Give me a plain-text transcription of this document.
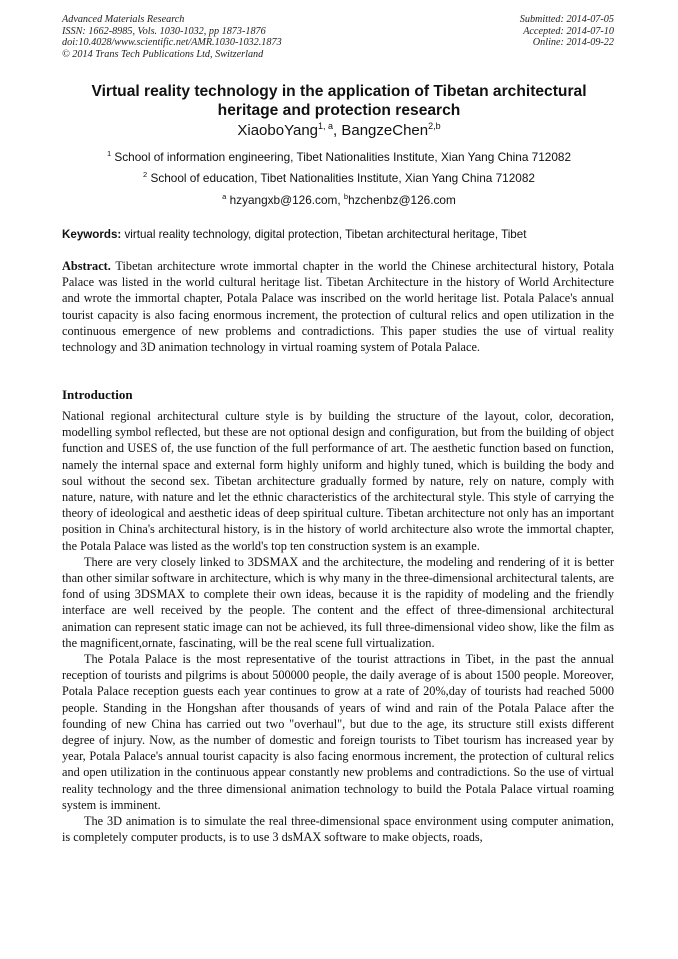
Advanced Materials Research
ISSN: 1662-8985, Vols. 1030-1032, pp 1873-1876
doi:10.4028/www.scientific.net/AMR.1030-1032.1873
© 2014 Trans Tech Publications Ltd, Switzerland
Submitted: 2014-07-05
Accepted: 2014-07-10
Online: 2014-09-22
Virtual reality technology in the application of Tibetan architectural heritage and protection research
XiaoboYang$^{1, a}$, BangzeChen$^{2,b}$
$^1$ School of information engineering, Tibet Nationalities Institute, Xian Yang China 712082
$^2$ School of education, Tibet Nationalities Institute, Xian Yang China 712082
$^a$ hzyangxb@126.com, $^b$hzchenbz@126.com
Keywords: virtual reality technology, digital protection, Tibetan architectural heritage, Tibet

Abstract. Tibetan architecture wrote immortal chapter in the world the Chinese architectural history, Potala Palace was listed in the world cultural heritage list. Tibetan Architecture in the history of World Architecture and wrote the immortal chapter, Potala Palace was inscribed on the world heritage list. Potala Palace's annual tourist capacity is also facing enormous increment, the protection of cultural relics and open utilization in the continuous emergence of new problems and contradictions. This paper studies the use of virtual reality technology and 3D animation technology in virtual roaming system of Potala Palace.

Introduction

National regional architectural culture style is by building the structure of the layout, color, decoration, modelling symbol reflected, but these are not optional design and configuration, but from the building of object function and USES of, the use function of the full performance of art. The aesthetic function based on function, namely the internal space and external form highly uniform and highly tuned, which is building the body and soul without the second sex. Tibetan architecture gradually formed by nature, rely on nature, comply with nature, nature, with nature and let the ethnic characteristics of the architectural style. This style of carrying the theory of ideological and aesthetic ideas of deep spiritual culture. Tibetan architecture not only has an important position in China's architectural history, is in the history of world architecture also wrote the immortal chapter, the Potala Palace was listed as the world's top ten construction system is an example.

There are very closely linked to 3DSMAX and the architecture, the modeling and rendering of it is better than other similar software in architecture, which is why many in the three-dimensional architectural talents, are fond of using 3DSMAX to complete their own ideas, because it is the rapidity of modeling and the friendly interface are well received by the people. The content and the effect of three-dimensional architectural animation can represent static image can not be achieved, its full three-dimensional video show, like the film as the magnificent,ornate, fascinating, will be the real scene full virtualization.

The Potala Palace is the most representative of the tourist attractions in Tibet, in the past the annual reception of tourists and pilgrims is about 500000 people, the daily average of is about 1500 people. Moreover, Potala Palace reception guests each year continues to grow at a rate of 20%,day of tourists had reached 5000 people. Standing in the Hongshan after thousands of years of wind and rain of the Potala Palace after the founding of new China has carried out two "overhaul", but due to the age, its structure still exists different degree of injury. Now, as the number of domestic and foreign tourists to Tibet tourism has increased year by year, Potala Palace's annual tourist capacity is also facing enormous increment, the protection of cultural relics and open utilization in the continuous appear constantly new problems and contradictions. So the use of virtual reality technology and the three dimensional animation technology to build the Potala Palace virtual roaming system is imminent.

The 3D animation is to simulate the real three-dimensional space environment using computer animation, is completely computer products, is to use 3 dsMAX software to make objects, roads,
